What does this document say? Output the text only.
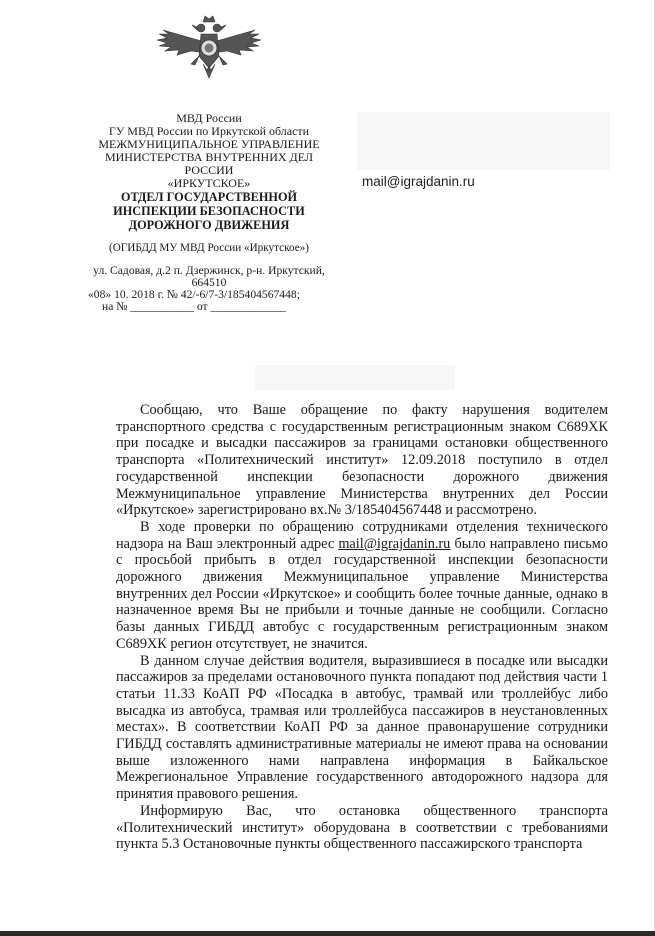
МВД России
ГУ МВД России по Иркутской области
МЕЖМУНИЦИПАЛЬНОЕ УПРАВЛЕНИЕ
МИНИСТЕРСТВА ВНУТРЕННИХ ДЕЛ
РОССИИ
«ИРКУТСКОЕ»
ОТДЕЛ ГОСУДАРСТВЕННОЙ
ИНСПЕКЦИИ БЕЗОПАСНОСТИ
ДОРОЖНОГО ДВИЖЕНИЯ
(ОГИБДД МУ МВД России «Иркутское»)
ул. Садовая, д.2 п. Дзержинск, р-н. Иркутский,
664510
«08» 10. 2018 г. № 42/-6/7-3/185404567448;
на № ___________ от _____________
mail@igrajdanin.ru

Сообщаю, что Ваше обращение по факту нарушения водителем транспортного средства с государственным регистрационным знаком С689ХК при посадке и высадки пассажиров за границами остановки общественного транспорта «Политехнический институт» 12.09.2018 поступило в отдел государственной инспекции безопасности дорожного движения Межмуниципальное управление Министерства внутренних дел России «Иркутское» зарегистрировано вх.№ 3/185404567448 и рассмотрено.

В ходе проверки по обращению сотрудниками отделения технического надзора на Ваш электронный адрес mail@igrajdanin.ru было направлено письмо с просьбой прибыть в отдел государственной инспекции безопасности дорожного движения Межмуниципальное управление Министерства внутренних дел России «Иркутское» и сообщить более точные данные, однако в назначенное время Вы не прибыли и точные данные не сообщили. Согласно базы данных ГИБДД автобус с государственным регистрационным знаком С689ХК регион отсутствует, не значится.

В данном случае действия водителя, выразившиеся в посадке или высадки пассажиров за пределами остановочного пункта попадают под действия части 1 статьи 11.33 КоАП РФ «Посадка в автобус, трамвай или троллейбус либо высадка из автобуса, трамвая или троллейбуса пассажиров в неустановленных местах». В соответствии КоАП РФ за данное правонарушение сотрудники ГИБДД составлять административные материалы не имеют права на основании выше изложенного нами направлена информация в Байкальское Межрегиональное Управление государственного автодорожного надзора для принятия правового решения.

Информирую Вас, что остановка общественного транспорта «Политехнический институт» оборудована в соответствии с требованиями пункта 5.3 Остановочные пункты общественного пассажирского транспорта
